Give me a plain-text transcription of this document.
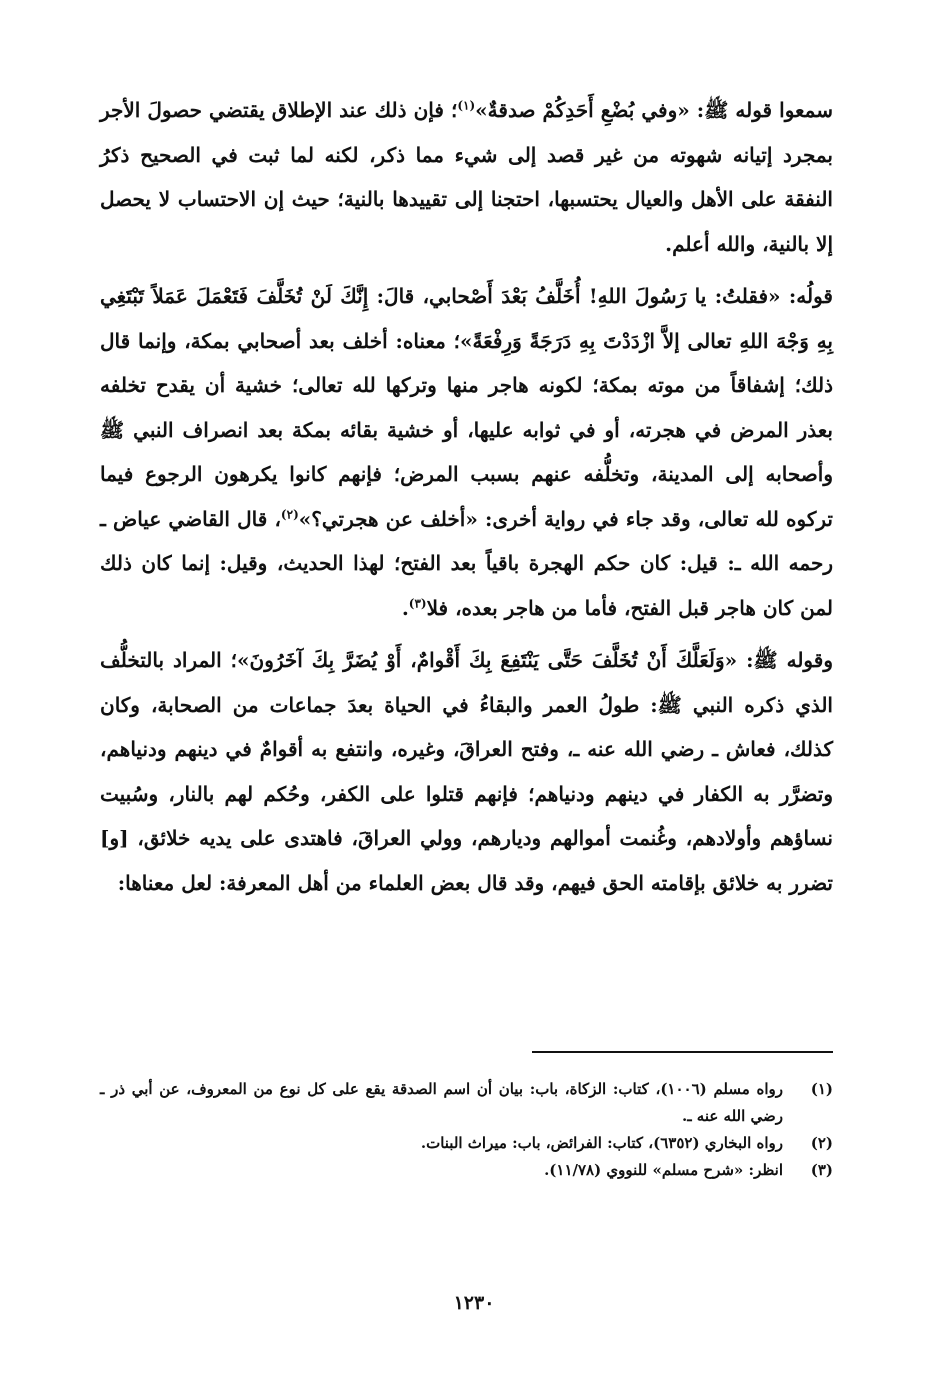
سمعوا قوله ﷺ: «وفي بُضْعِ أَحَدِكُمْ صدقةٌ»$^{(١)}$؛ فإن ذلك عند الإطلاق يقتضي حصولَ الأجر بمجرد إتيانه شهوته من غير قصد إلى شيء مما ذكر، لكنه لما ثبت في الصحيح ذكرُ النفقة على الأهل والعيال يحتسبها، احتجنا إلى تقييدها بالنية؛ حيث إن الاحتساب لا يحصل إلا بالنية، والله أعلم.

قولُه: «فقلتُ: يا رَسُولَ اللهِ! أُخَلَّفُ بَعْدَ أَصْحابي، قالَ: إِنَّكَ لَنْ تُخَلَّفَ فَتَعْمَلَ عَمَلاً تَبْتَغِي بِهِ وَجْهَ اللهِ تعالى إلاَّ ازْدَدْتَ بِهِ دَرَجَةً وَرِفْعَةً»؛ معناه: أخلف بعد أصحابي بمكة، وإنما قال ذلك؛ إشفاقاً من موته بمكة؛ لكونه هاجر منها وتركها لله تعالى؛ خشية أن يقدح تخلفه بعذر المرض في هجرته، أو في ثوابه عليها، أو خشية بقائه بمكة بعد انصراف النبي ﷺ وأصحابه إلى المدينة، وتخلُّفه عنهم بسبب المرض؛ فإنهم كانوا يكرهون الرجوع فيما تركوه لله تعالى، وقد جاء في رواية أخرى: «أخلف عن هجرتي؟»$^{(٢)}$، قال القاضي عياض ـ رحمه الله ـ: قيل: كان حكم الهجرة باقياً بعد الفتح؛ لهذا الحديث، وقيل: إنما كان ذلك لمن كان هاجر قبل الفتح، فأما من هاجر بعده، فلا$^{(٣)}$.

وقوله ﷺ: «وَلَعَلَّكَ أَنْ تُخَلَّفَ حَتَّى يَنْتَفِعَ بِكَ أَقْوامٌ، أَوْ يُضَرَّ بِكَ آخَرُونَ»؛ المراد بالتخلُّف الذي ذكره النبي ﷺ: طولُ العمر والبقاءُ في الحياة بعدَ جماعات من الصحابة، وكان كذلك، فعاش ـ رضي الله عنه ـ، وفتح العراقَ، وغيره، وانتفع به أقوامٌ في دينهم ودنياهم، وتضرَّر به الكفار في دينهم ودنياهم؛ فإنهم قتلوا على الكفر، وحُكم لهم بالنار، وسُبيت نساؤهم وأولادهم، وغُنمت أموالهم وديارهم، وولي العراقَ، فاهتدى على يديه خلائق، [و] تضرر به خلائق بإقامته الحق فيهم، وقد قال بعض العلماء من أهل المعرفة: لعل معناها:

(١)
رواه مسلم (١٠٠٦)، كتاب: الزكاة، باب: بيان أن اسم الصدقة يقع على كل نوع من المعروف، عن أبي ذر ـ رضي الله عنه ـ.
(٢)
رواه البخاري (٦٣٥٢)، كتاب: الفرائض، باب: ميراث البنات.
(٣)
انظر: «شرح مسلم» للنووي (١١/٧٨).
١٢٣٠
